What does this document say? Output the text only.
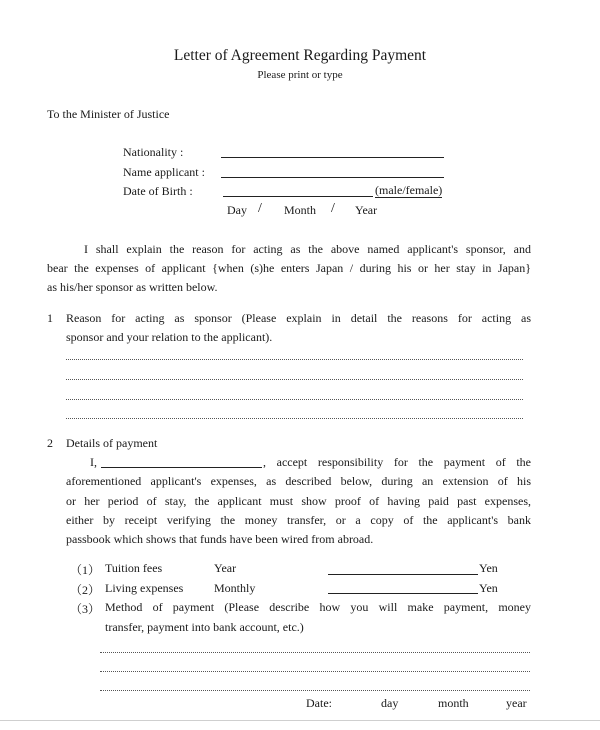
Letter of Agreement Regarding Payment
Please print or type
To the Minister of Justice
Nationality :
Name applicant :
Date of Birth :	(male/female)
Day / Month / Year
I shall explain the reason for acting as the above named applicant's sponsor, and
bear the expenses of applicant {when (s)he enters Japan / during his or her stay in Japan}
as his/her sponsor as written below.
1 Reason for acting as sponsor (Please explain in detail the reasons for acting as
sponsor and your relation to the applicant).
2 Details of payment
I,	, accept responsibility for the payment of the
aforementioned applicant's expenses, as described below, during an extension of his
or her period of stay, the applicant must show proof of having paid past expenses,
either by receipt verifying the money transfer, or a copy of the applicant's bank
passbook which shows that funds have been wired from abroad.
（1） Tuition fees	Year	Yen
（2） Living expenses	Monthly	Yen
（3） Method of payment (Please describe how you will make payment, money
transfer, payment into bank account, etc.)
Date:	day	month	year
